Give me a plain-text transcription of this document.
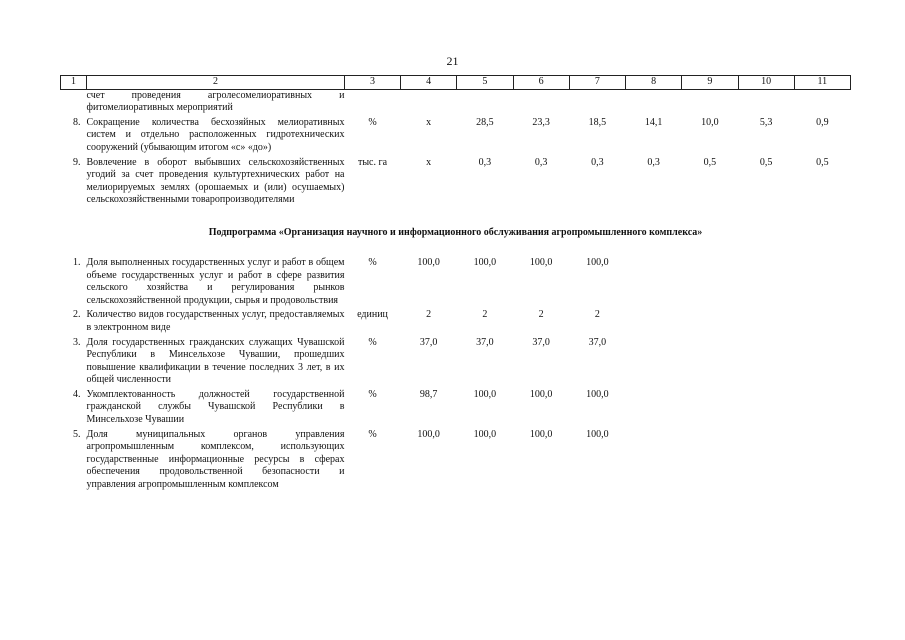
21
1	2	3	4	5	6	7	8	9	10	11
	счет проведения агролесомелиоративных и фитомелиоративных мероприятий									
8.	Сокращение количества бесхозяйных мелиоративных систем и отдельно расположенных гидротехнических сооружений (убывающим итогом «с» «до»)	%	х	28,5	23,3	18,5	14,1	10,0	5,3	0,9
9.	Вовлечение в оборот выбывших сельскохозяйственных угодий за счет проведения культуртехнических работ на мелиорируемых землях (орошаемых и (или) осушаемых) сельскохозяйственными товаропроизводителями	тыс. га	х	0,3	0,3	0,3	0,3	0,5	0,5	0,5
Подпрограмма «Организация научного и информационного обслуживания агропромышленного комплекса»										
1.	Доля выполненных государственных услуг и работ в общем объеме государственных услуг и работ в сфере развития сельского хозяйства и регулирования рынков сельскохозяйственной продукции, сырья и продовольствия	%	100,0	100,0	100,0	100,0				
2.	Количество видов государственных услуг, предоставляемых в электронном виде	единиц	2	2	2	2				
3.	Доля государственных гражданских служащих Чувашской Республики в Минсельхозе Чувашии, прошедших повышение квалификации в течение последних 3 лет, в их общей численности	%	37,0	37,0	37,0	37,0				
4.	Укомплектованность должностей государственной гражданской службы Чувашской Республики в Минсельхозе Чувашии	%	98,7	100,0	100,0	100,0				
5.	Доля муниципальных органов управления агропромышленным комплексом, использующих государственные информационные ресурсы в сферах обеспечения продовольственной безопасности и управления агропромышленным комплексом	%	100,0	100,0	100,0	100,0				
